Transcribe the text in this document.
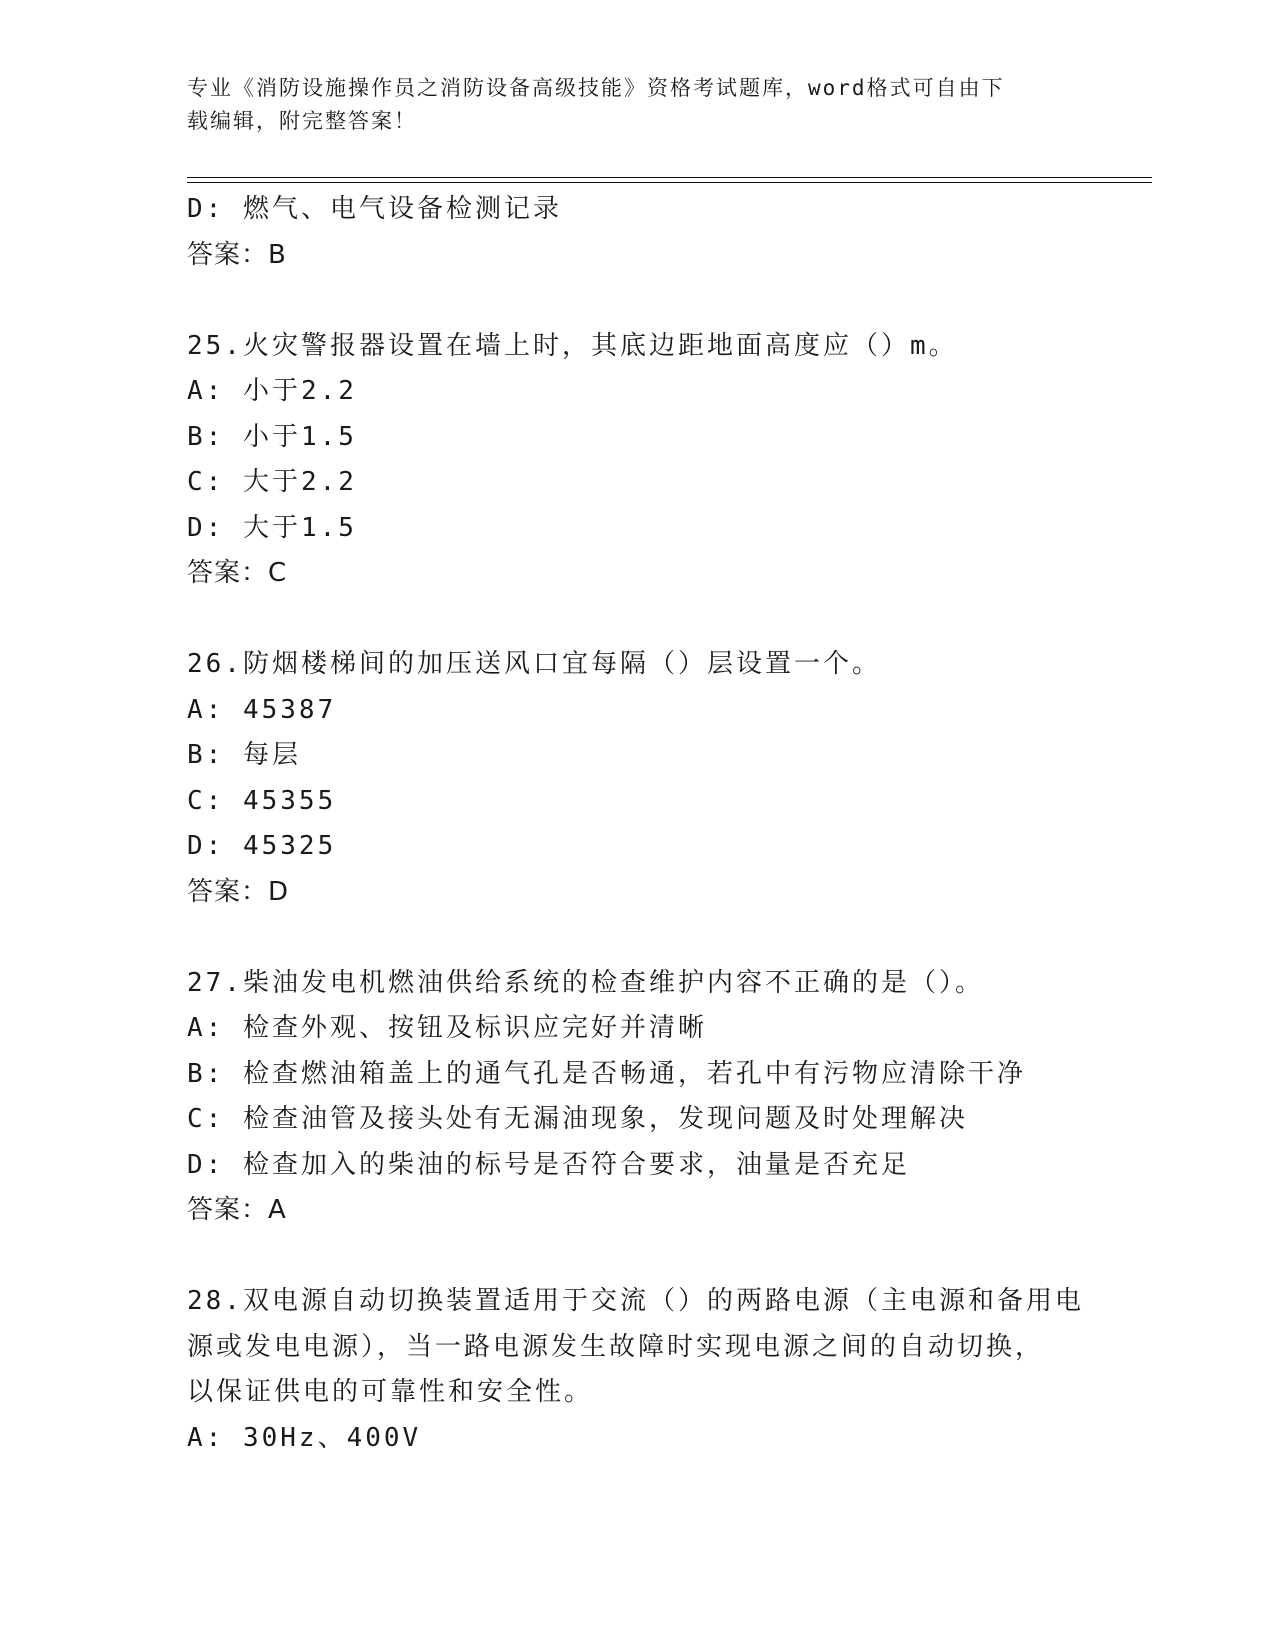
专业《消防设施操作员之消防设备高级技能》资格考试题库，word格式可自由下
载编辑，附完整答案！
D: 燃气、电气设备检测记录
答案：B
25.火灾警报器设置在墙上时，其底边距地面高度应（）m。
A: 小于2.2
B: 小于1.5
C: 大于2.2
D: 大于1.5
答案：C
26.防烟楼梯间的加压送风口宜每隔（）层设置一个。
A: 45387
B: 每层
C: 45355
D: 45325
答案：D
27.柴油发电机燃油供给系统的检查维护内容不正确的是（）。
A: 检查外观、按钮及标识应完好并清晰
B: 检查燃油箱盖上的通气孔是否畅通，若孔中有污物应清除干净
C: 检查油管及接头处有无漏油现象，发现问题及时处理解决
D: 检查加入的柴油的标号是否符合要求，油量是否充足
答案：A
28.双电源自动切换装置适用于交流（）的两路电源（主电源和备用电
源或发电电源），当一路电源发生故障时实现电源之间的自动切换，
以保证供电的可靠性和安全性。
A: 30Hz、400V
